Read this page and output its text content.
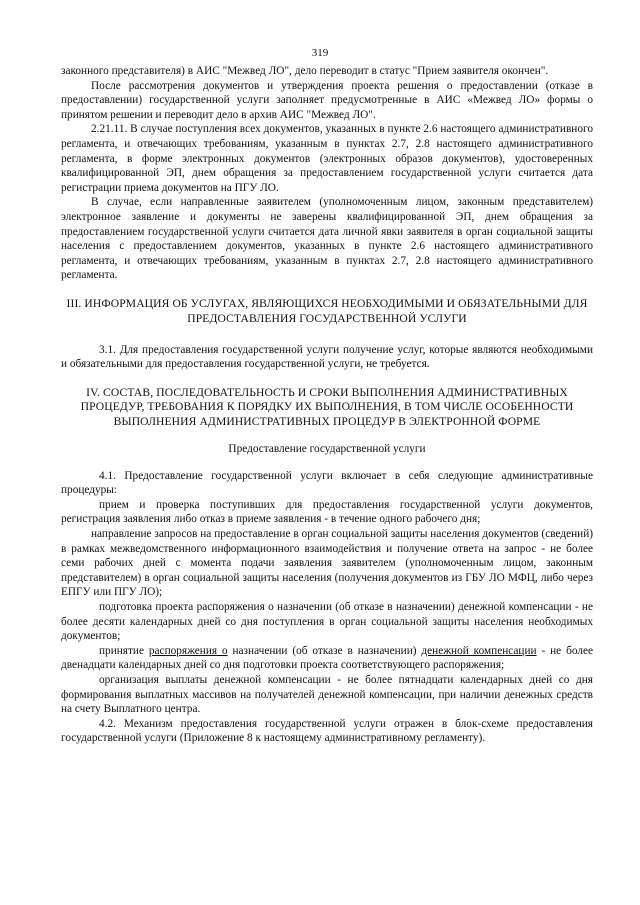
319

законного представителя) в АИС "Межвед ЛО", дело переводит в статус "Прием заявителя окончен".

После рассмотрения документов и утверждения проекта решения о предоставлении (отказе в предоставлении) государственной услуги заполняет предусмотренные в АИС «Межвед ЛО» формы о принятом решении и переводит дело в архив АИС "Межвед ЛО".

2.21.11. В случае поступления всех документов, указанных в пункте 2.6 настоящего административного регламента, и отвечающих требованиям, указанным в пунктах 2.7, 2.8 настоящего административного регламента, в форме электронных документов (электронных образов документов), удостоверенных квалифицированной ЭП, днем обращения за предоставлением государственной услуги считается дата регистрации приема документов на ПГУ ЛО.

В случае, если направленные заявителем (уполномоченным лицом, законным представителем) электронное заявление и документы не заверены квалифицированной ЭП, днем обращения за предоставлением государственной услуги считается дата личной явки заявителя в орган социальной защиты населения с предоставлением документов, указанных в пункте 2.6 настоящего административного регламента, и отвечающих требованиям, указанным в пунктах 2.7, 2.8 настоящего административного регламента.

III. ИНФОРМАЦИЯ ОБ УСЛУГАХ, ЯВЛЯЮЩИХСЯ НЕОБХОДИМЫМИ И ОБЯЗАТЕЛЬНЫМИ ДЛЯ ПРЕДОСТАВЛЕНИЯ ГОСУДАРСТВЕННОЙ УСЛУГИ

3.1. Для предоставления государственной услуги получение услуг, которые являются необходимыми и обязательными для предоставления государственной услуги, не требуется.

IV. СОСТАВ, ПОСЛЕДОВАТЕЛЬНОСТЬ И СРОКИ ВЫПОЛНЕНИЯ АДМИНИСТРАТИВНЫХ ПРОЦЕДУР, ТРЕБОВАНИЯ К ПОРЯДКУ ИХ ВЫПОЛНЕНИЯ, В ТОМ ЧИСЛЕ ОСОБЕННОСТИ ВЫПОЛНЕНИЯ АДМИНИСТРАТИВНЫХ ПРОЦЕДУР В ЭЛЕКТРОННОЙ ФОРМЕ

Предоставление государственной услуги

4.1. Предоставление государственной услуги включает в себя следующие административные процедуры:

прием и проверка поступивших для предоставления государственной услуги документов, регистрация заявления либо отказ в приеме заявления - в течение одного рабочего дня;

направление запросов на предоставление в орган социальной защиты населения документов (сведений) в рамках межведомственного информационного взаимодействия и получение ответа на запрос - не более семи рабочих дней с момента подачи заявления заявителем (уполномоченным лицом, законным представителем) в орган социальной защиты населения (получения документов из ГБУ ЛО МФЦ, либо через ЕПГУ или ПГУ ЛО);

подготовка проекта распоряжения о назначении (об отказе в назначении) денежной компенсации - не более десяти календарных дней со дня поступления в орган социальной защиты населения необходимых документов;

принятие распоряжения о назначении (об отказе в назначении) денежной компенсации - не более двенадцати календарных дней со дня подготовки проекта соответствующего распоряжения;

организация выплаты денежной компенсации - не более пятнадцати календарных дней со дня формирования выплатных массивов на получателей денежной компенсации, при наличии денежных средств на счету Выплатного центра.

4.2. Механизм предоставления государственной услуги отражен в блок-схеме предоставления государственной услуги (Приложение 8 к настоящему административному регламенту).
